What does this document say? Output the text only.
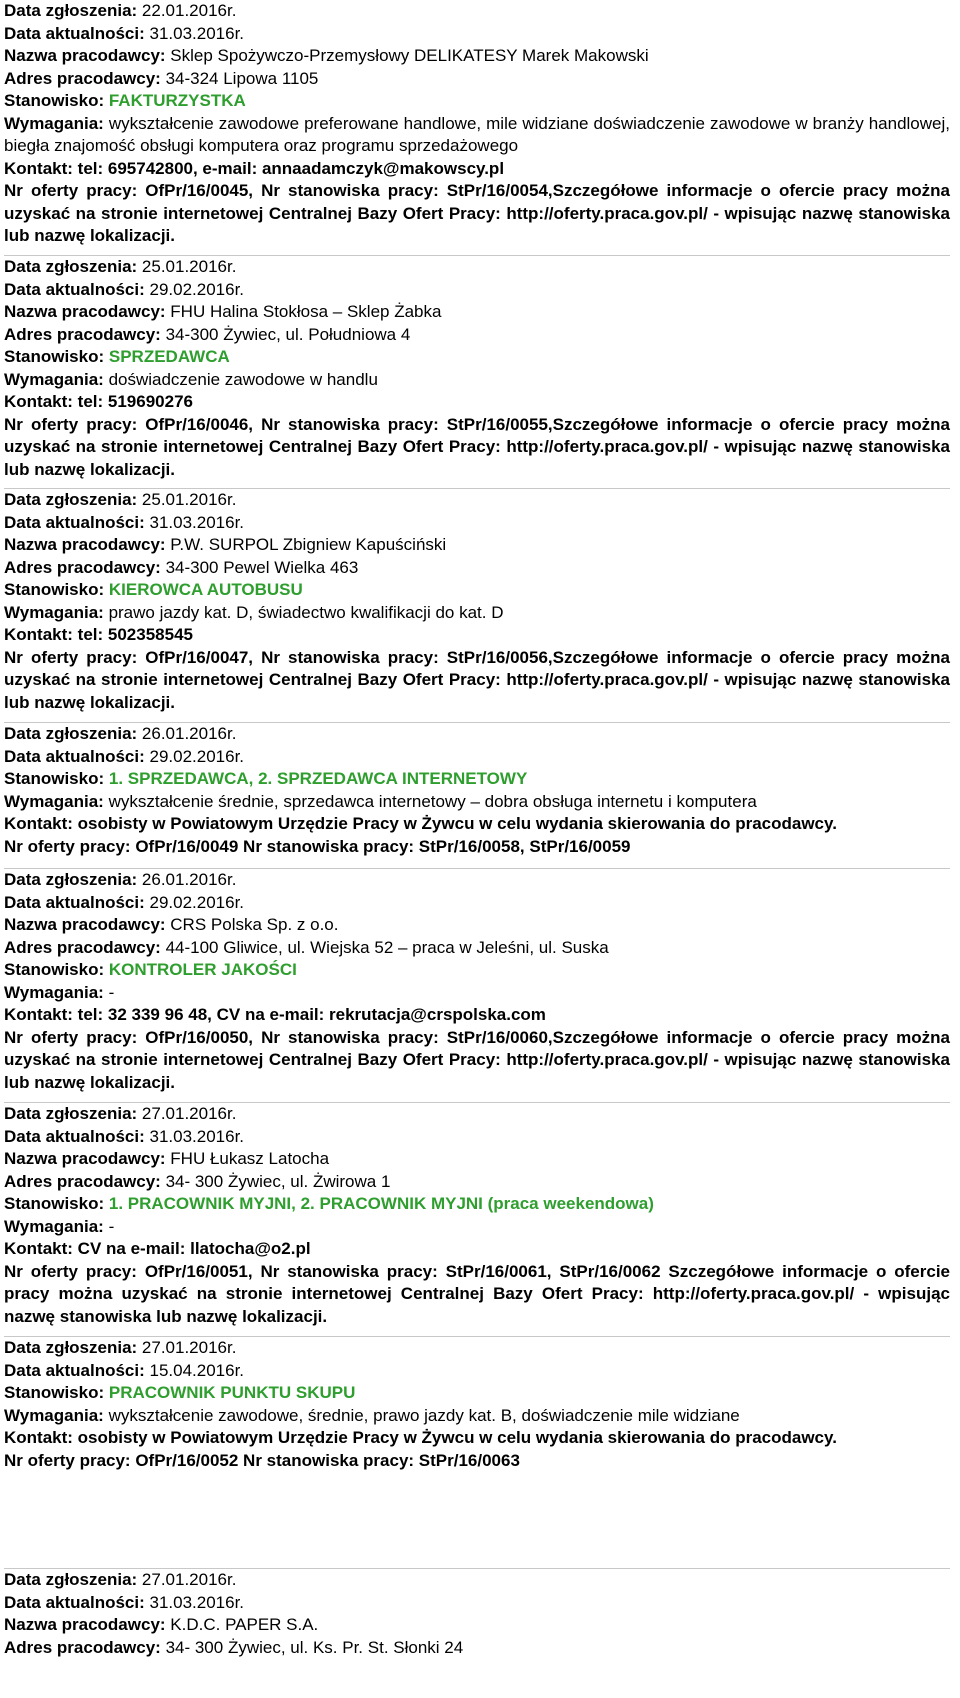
Data zgłoszenia: 22.01.2016r.
Data aktualności: 31.03.2016r.
Nazwa pracodawcy: Sklep Spożywczo-Przemysłowy DELIKATESY Marek Makowski
Adres pracodawcy: 34-324 Lipowa 1105
Stanowisko: FAKTURZYSTKA
Wymagania: wykształcenie zawodowe preferowane handlowe, mile widziane doświadczenie zawodowe w branży handlowej, biegła znajomość obsługi komputera oraz programu sprzedażowego
Kontakt: tel: 695742800, e-mail: annaadamczyk@makowscy.pl
Nr oferty pracy: OfPr/16/0045, Nr stanowiska pracy: StPr/16/0054,Szczegółowe informacje o ofercie pracy można uzyskać na stronie internetowej Centralnej Bazy Ofert Pracy: http://oferty.praca.gov.pl/ - wpisując nazwę stanowiska lub nazwę lokalizacji.
Data zgłoszenia: 25.01.2016r.
Data aktualności: 29.02.2016r.
Nazwa pracodawcy: FHU Halina Stokłosa – Sklep Żabka
Adres pracodawcy: 34-300 Żywiec, ul. Południowa 4
Stanowisko: SPRZEDAWCA
Wymagania: doświadczenie zawodowe w handlu
Kontakt: tel: 519690276
Nr oferty pracy: OfPr/16/0046, Nr stanowiska pracy: StPr/16/0055,Szczegółowe informacje o ofercie pracy można uzyskać na stronie internetowej Centralnej Bazy Ofert Pracy: http://oferty.praca.gov.pl/ - wpisując nazwę stanowiska lub nazwę lokalizacji.
Data zgłoszenia: 25.01.2016r.
Data aktualności: 31.03.2016r.
Nazwa pracodawcy: P.W. SURPOL Zbigniew Kapuściński
Adres pracodawcy: 34-300 Pewel Wielka 463
Stanowisko: KIEROWCA AUTOBUSU
Wymagania: prawo jazdy kat. D, świadectwo kwalifikacji do kat. D
Kontakt: tel: 502358545
Nr oferty pracy: OfPr/16/0047, Nr stanowiska pracy: StPr/16/0056,Szczegółowe informacje o ofercie pracy można uzyskać na stronie internetowej Centralnej Bazy Ofert Pracy: http://oferty.praca.gov.pl/ - wpisując nazwę stanowiska lub nazwę lokalizacji.
Data zgłoszenia: 26.01.2016r.
Data aktualności: 29.02.2016r.
Stanowisko: 1. SPRZEDAWCA, 2. SPRZEDAWCA INTERNETOWY
Wymagania: wykształcenie średnie, sprzedawca internetowy – dobra obsługa internetu i komputera
Kontakt: osobisty w Powiatowym Urzędzie Pracy w Żywcu w celu wydania skierowania do pracodawcy.
Nr oferty pracy: OfPr/16/0049 Nr stanowiska pracy: StPr/16/0058, StPr/16/0059
Data zgłoszenia: 26.01.2016r.
Data aktualności: 29.02.2016r.
Nazwa pracodawcy: CRS Polska Sp. z o.o.
Adres pracodawcy: 44-100 Gliwice, ul. Wiejska 52 – praca w Jeleśni, ul. Suska
Stanowisko: KONTROLER JAKOŚCI
Wymagania: -
Kontakt: tel: 32 339 96 48, CV na e-mail: rekrutacja@crspolska.com
Nr oferty pracy: OfPr/16/0050, Nr stanowiska pracy: StPr/16/0060,Szczegółowe informacje o ofercie pracy można uzyskać na stronie internetowej Centralnej Bazy Ofert Pracy: http://oferty.praca.gov.pl/ - wpisując nazwę stanowiska lub nazwę lokalizacji.
Data zgłoszenia: 27.01.2016r.
Data aktualności: 31.03.2016r.
Nazwa pracodawcy: FHU Łukasz Latocha
Adres pracodawcy: 34- 300 Żywiec, ul. Żwirowa 1
Stanowisko: 1. PRACOWNIK MYJNI, 2. PRACOWNIK MYJNI (praca weekendowa)
Wymagania: -
Kontakt: CV na e-mail: llatocha@o2.pl
Nr oferty pracy: OfPr/16/0051, Nr stanowiska pracy: StPr/16/0061, StPr/16/0062 Szczegółowe informacje o ofercie pracy można uzyskać na stronie internetowej Centralnej Bazy Ofert Pracy: http://oferty.praca.gov.pl/ - wpisując nazwę stanowiska lub nazwę lokalizacji.
Data zgłoszenia: 27.01.2016r.
Data aktualności: 15.04.2016r.
Stanowisko: PRACOWNIK PUNKTU SKUPU
Wymagania: wykształcenie zawodowe, średnie, prawo jazdy kat. B, doświadczenie mile widziane
Kontakt: osobisty w Powiatowym Urzędzie Pracy w Żywcu w celu wydania skierowania do pracodawcy.
Nr oferty pracy: OfPr/16/0052 Nr stanowiska pracy: StPr/16/0063
Data zgłoszenia: 27.01.2016r.
Data aktualności: 31.03.2016r.
Nazwa pracodawcy: K.D.C. PAPER S.A.
Adres pracodawcy: 34- 300 Żywiec, ul. Ks. Pr. St. Słonki 24
